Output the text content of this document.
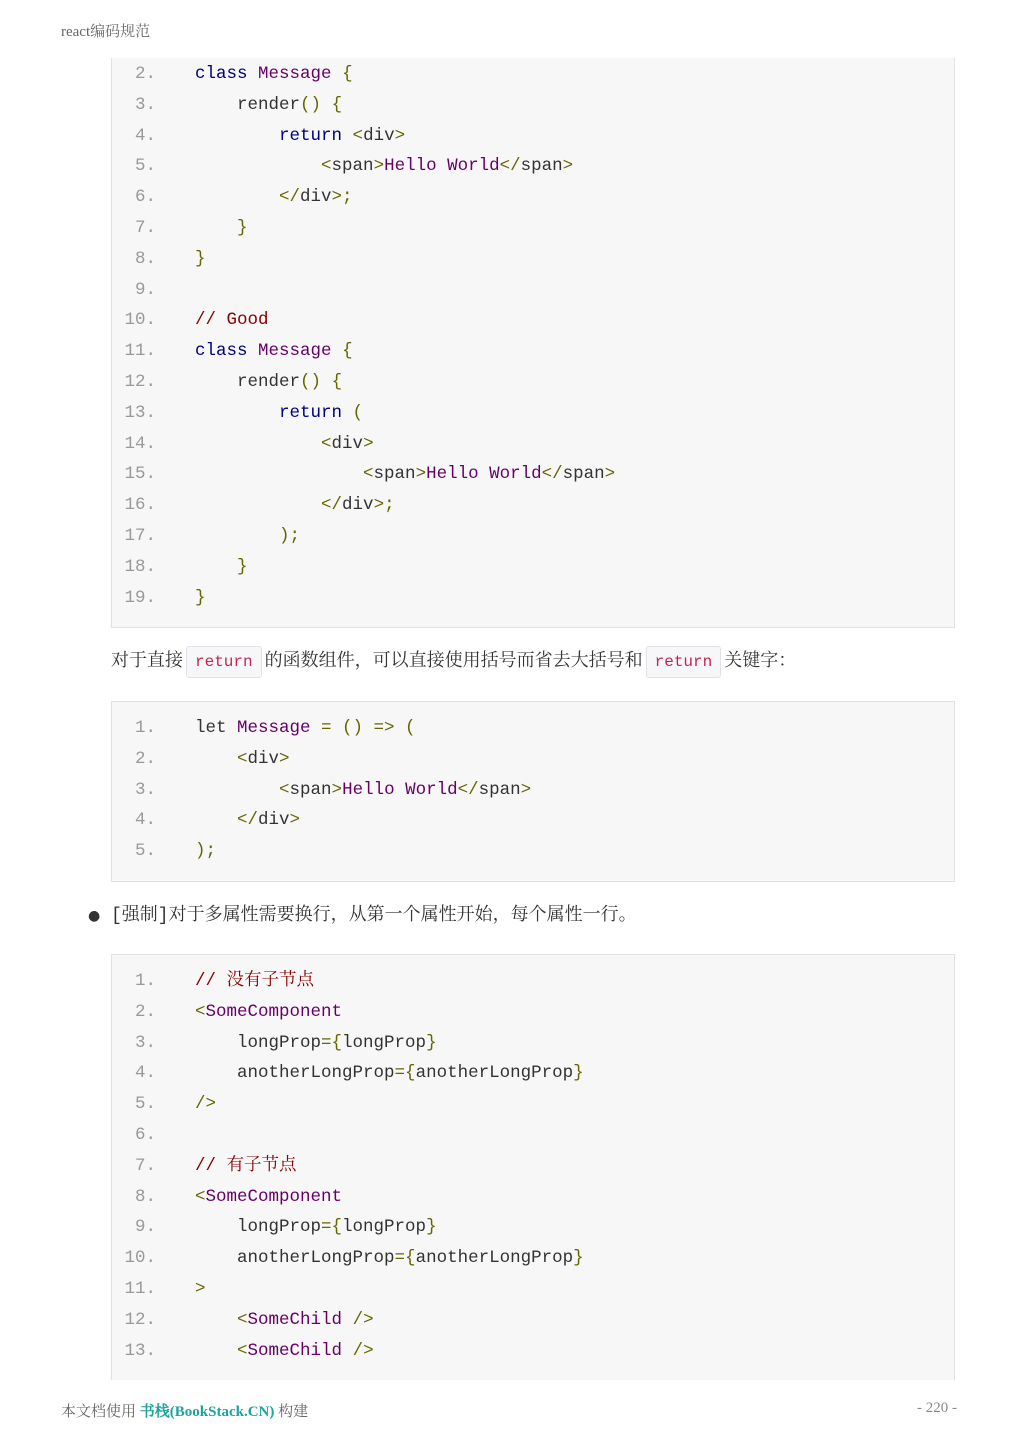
react编码规范
2. class Message {
3. render() {
4.	return <div>
5.	<span>Hello World</span>
6.	</div>;
7.	}
8. }
9.
10. // Good
11. class Message {
12. render() {
13.	return (
14.	<div>
15.	<span>Hello World</span>
16.	</div>;
17.	);
18.	}
19. }
对于直接 return 的函数组件，可以直接使用括号而省去大括号和 return 关键字：
1. let Message = () => (
2.	<div>
3.	<span>Hello World</span>
4.	</div>
5. );
● [强制]对于多属性需要换行，从第一个属性开始，每个属性一行。
1. // 没有子节点
2. <SomeComponent
3. longProp={longProp}
4. anotherLongProp={anotherLongProp}
5. />
6.
7. // 有子节点
8. <SomeComponent
9. longProp={longProp}
10. anotherLongProp={anotherLongProp}
11. >
12.	<SomeChild />
13.	<SomeChild />
本文档使用 书栈(BookStack.CN) 构建	- 220 -
